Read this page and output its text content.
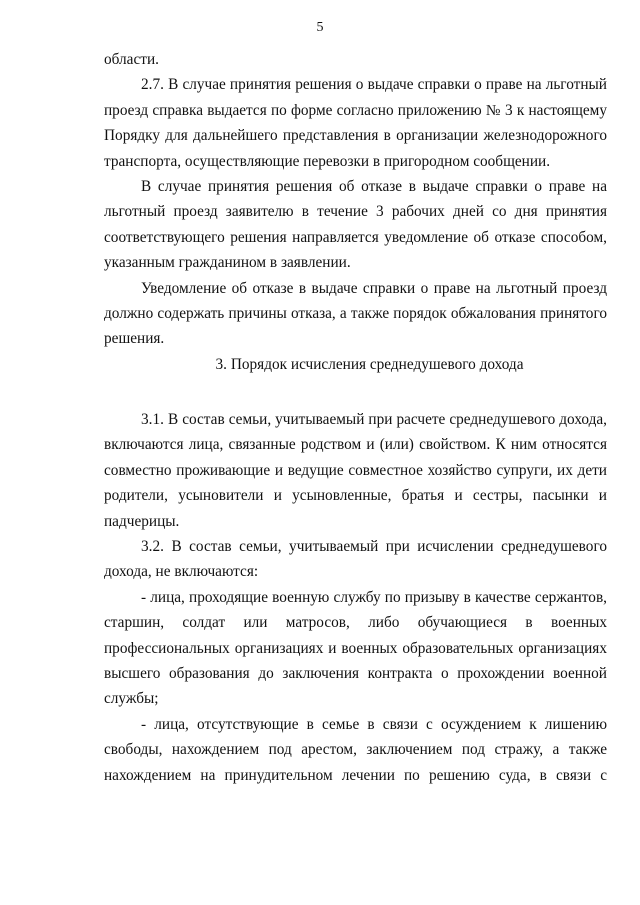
5
области.
2.7. В случае принятия решения о выдаче справки о праве на льготный
проезд справка выдается по форме согласно приложению № 3 к настоящему
Порядку для дальнейшего представления в организации железнодорожного
транспорта, осуществляющие перевозки в пригородном сообщении.
В случае принятия решения об отказе в выдаче справки о праве на
льготный проезд заявителю в течение 3 рабочих дней со дня принятия
соответствующего решения направляется уведомление об отказе способом,
указанным гражданином в заявлении.
Уведомление об отказе в выдаче справки о праве на льготный проезд
должно содержать причины отказа, а также порядок обжалования принятого
решения.
3. Порядок исчисления среднедушевого дохода
3.1. В состав семьи, учитываемый при расчете среднедушевого дохода,
включаются лица, связанные родством и (или) свойством. К ним относятся
совместно проживающие и ведущие совместное хозяйство супруги, их дети
родители, усыновители и усыновленные, братья и сестры, пасынки и
падчерицы.
3.2. В состав семьи, учитываемый при исчислении среднедушевого
дохода, не включаются:
- лица, проходящие военную службу по призыву в качестве сержантов,
старшин, солдат или матросов, либо обучающиеся в военных
профессиональных организациях и военных образовательных организациях
высшего образования до заключения контракта о прохождении военной
службы;
- лица, отсутствующие в семье в связи с осуждением к лишению
свободы, нахождением под арестом, заключением под стражу, а также
нахождением на принудительном лечении по решению суда, в связи с
